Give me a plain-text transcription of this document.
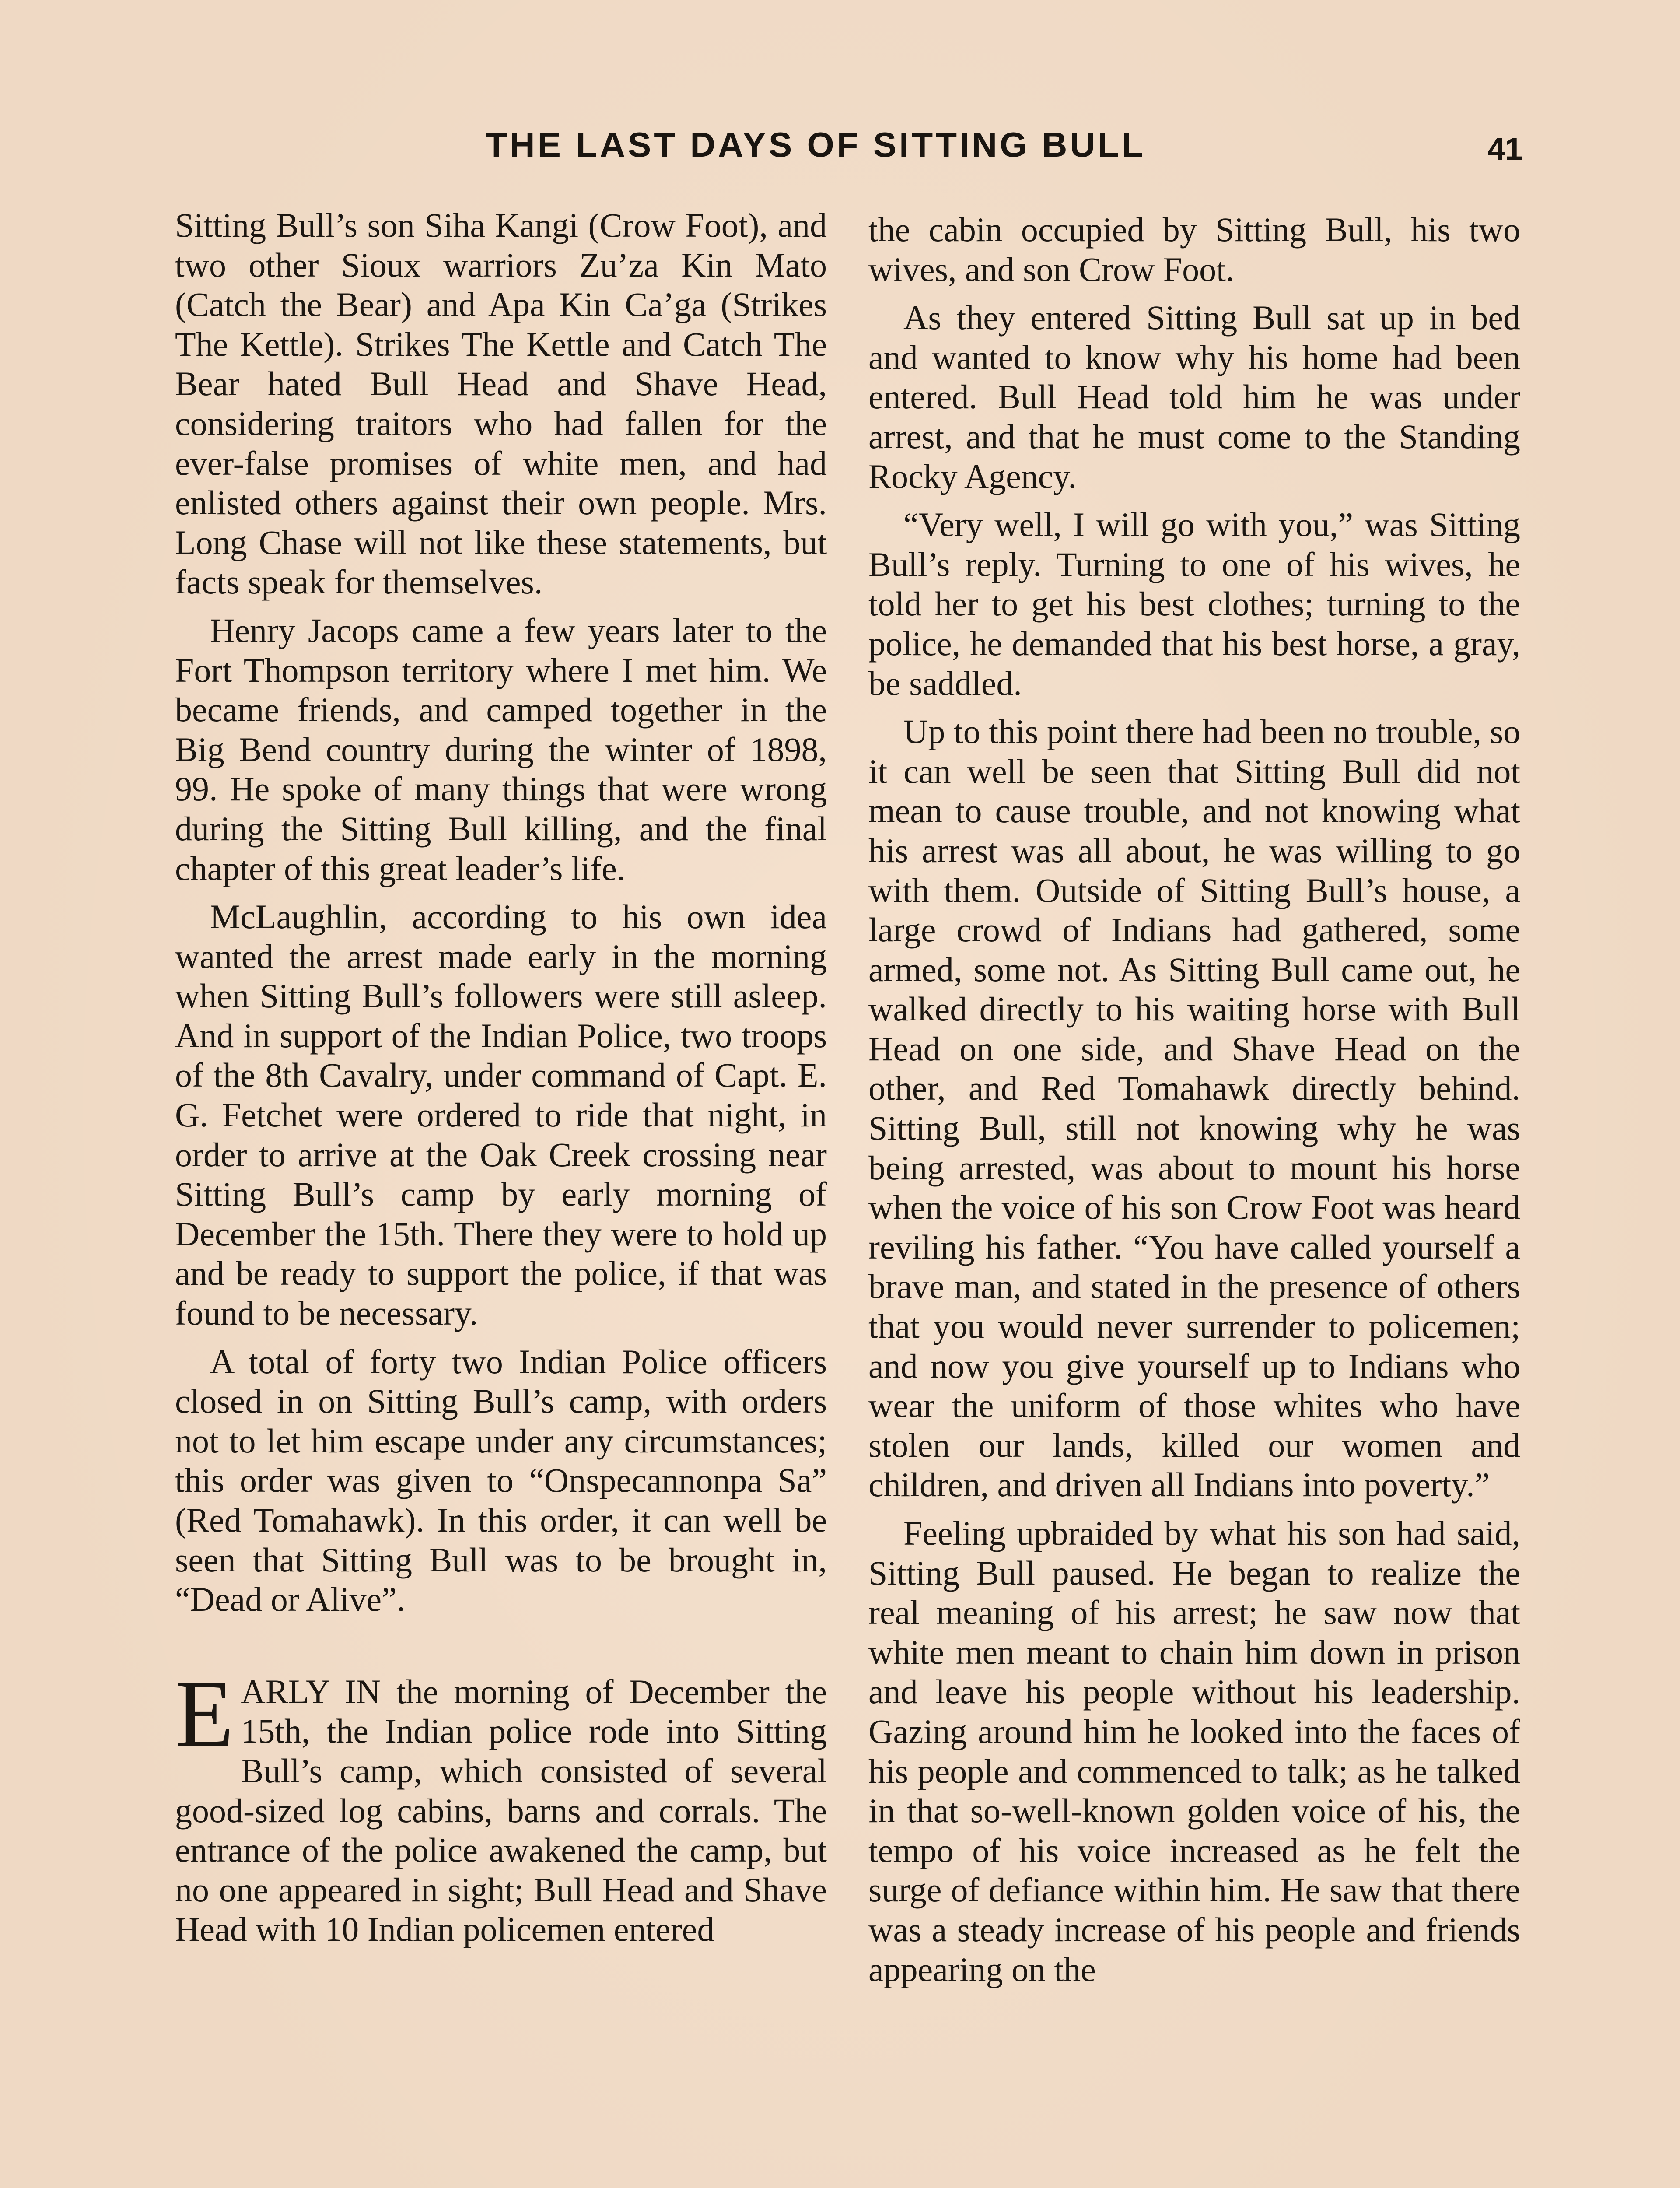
THE LAST DAYS OF SITTING BULL	41

Sitting Bull’s son Siha Kangi (Crow Foot), and two other Sioux warriors Zu’za Kin Mato (Catch the Bear) and Apa Kin Ca’ga (Strikes The Kettle). Strikes The Kettle and Catch The Bear hated Bull Head and Shave Head, considering traitors who had fallen for the ever-false promises of white men, and had enlisted others against their own people. Mrs. Long Chase will not like these statements, but facts speak for themselves.

Henry Jacops came a few years later to the Fort Thompson territory where I met him. We became friends, and camped together in the Big Bend country during the winter of 1898, 99. He spoke of many things that were wrong during the Sitting Bull killing, and the final chapter of this great leader’s life.

McLaughlin, according to his own idea wanted the arrest made early in the morning when Sitting Bull’s followers were still asleep. And in support of the Indian Police, two troops of the 8th Cavalry, under command of Capt. E. G. Fetchet were ordered to ride that night, in order to arrive at the Oak Creek crossing near Sitting Bull’s camp by early morning of December the 15th. There they were to hold up and be ready to support the police, if that was found to be necessary.

A total of forty two Indian Police officers closed in on Sitting Bull’s camp, with orders not to let him escape under any circumstances; this order was given to “Onspecannonpa Sa” (Red Tomahawk). In this order, it can well be seen that Sitting Bull was to be brought in, “Dead or Alive”.

EARLY IN the morning of December the 15th, the Indian police rode into Sitting Bull’s camp, which consisted of several good-sized log cabins, barns and corrals. The entrance of the police awakened the camp, but no one appeared in sight; Bull Head and Shave Head with 10 Indian policemen entered

the cabin occupied by Sitting Bull, his two wives, and son Crow Foot.

As they entered Sitting Bull sat up in bed and wanted to know why his home had been entered. Bull Head told him he was under arrest, and that he must come to the Standing Rocky Agency.

“Very well, I will go with you,” was Sitting Bull’s reply. Turning to one of his wives, he told her to get his best clothes; turning to the police, he demanded that his best horse, a gray, be saddled.

Up to this point there had been no trouble, so it can well be seen that Sitting Bull did not mean to cause trouble, and not knowing what his arrest was all about, he was willing to go with them. Outside of Sitting Bull’s house, a large crowd of Indians had gathered, some armed, some not. As Sitting Bull came out, he walked directly to his waiting horse with Bull Head on one side, and Shave Head on the other, and Red Tomahawk directly behind. Sitting Bull, still not knowing why he was being arrested, was about to mount his horse when the voice of his son Crow Foot was heard reviling his father. “You have called yourself a brave man, and stated in the presence of others that you would never surrender to policemen; and now you give yourself up to Indians who wear the uniform of those whites who have stolen our lands, killed our women and children, and driven all Indians into poverty.”

Feeling upbraided by what his son had said, Sitting Bull paused. He began to realize the real meaning of his arrest; he saw now that white men meant to chain him down in prison and leave his people without his leadership. Gazing around him he looked into the faces of his people and commenced to talk; as he talked in that so-well-known golden voice of his, the tempo of his voice increased as he felt the surge of defiance within him. He saw that there was a steady increase of his people and friends appearing on the
